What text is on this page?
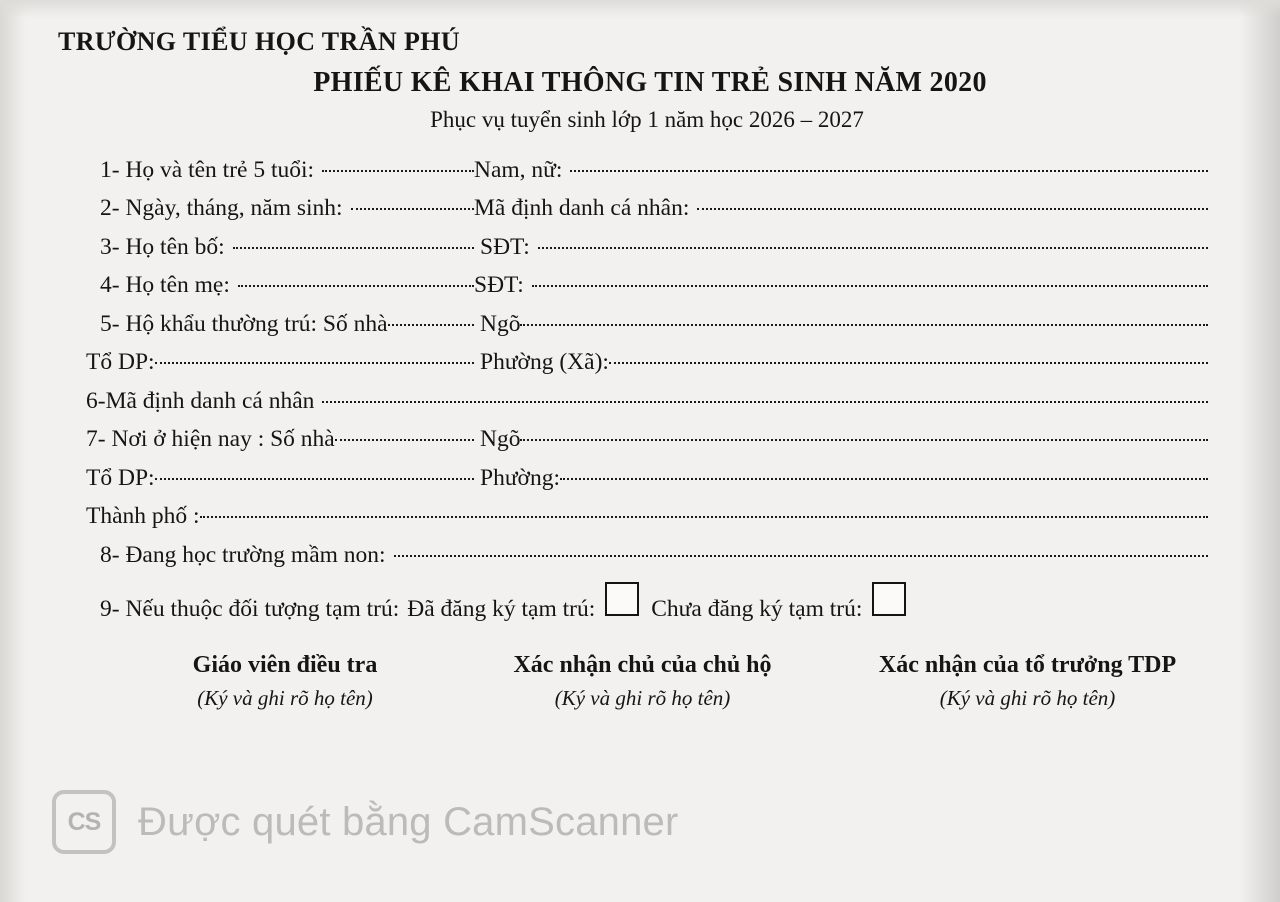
TRƯỜNG TIỂU HỌC TRẦN PHÚ
PHIẾU KÊ KHAI THÔNG TIN TRẺ SINH NĂM 2020
Phục vụ tuyển sinh lớp 1 năm học 2026 – 2027
1- Họ và tên trẻ 5 tuổi:	Nam, nữ:
2- Ngày, tháng, năm sinh:	Mã định danh cá nhân:
3- Họ tên bố:	SĐT:
4- Họ tên mẹ:	SĐT:
5- Hộ khẩu thường trú: Số nhà	Ngõ
Tổ DP:	Phường (Xã):
6-Mã định danh cá nhân
7- Nơi ở hiện nay : Số nhà	Ngõ
Tổ DP:	Phường:
Thành phố :
8- Đang học trường mầm non:
9- Nếu thuộc đối tượng tạm trú: Đã đăng ký tạm trú: Chưa đăng ký tạm trú:
Giáo viên điều tra
(Ký và ghi rõ họ tên)
Xác nhận chủ của chủ hộ
(Ký và ghi rõ họ tên)
Xác nhận của tổ trưởng TDP
(Ký và ghi rõ họ tên)
CS Được quét bằng CamScanner
